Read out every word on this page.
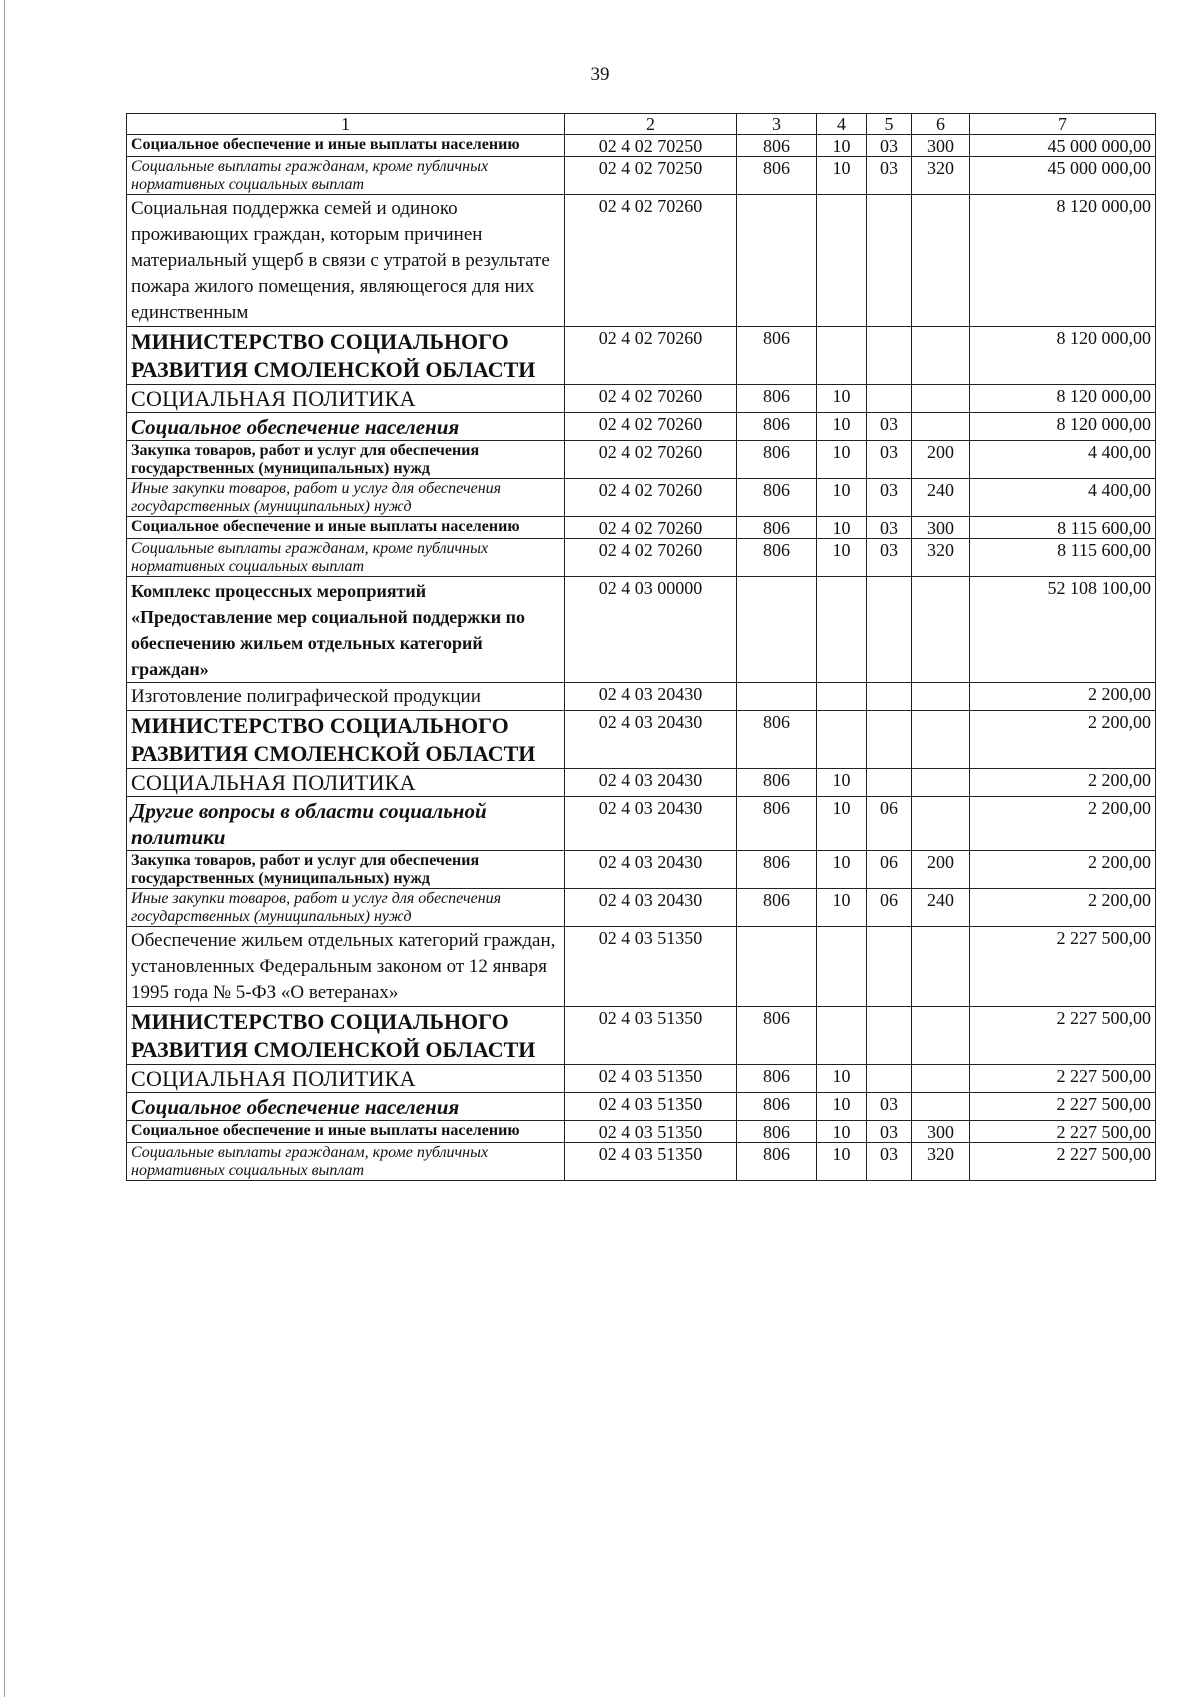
39
1	2	3	4	5	6	7
Социальное обеспечение и иные выплаты населению	02 4 02 70250	806	10	03	300	45 000 000,00
Социальные выплаты гражданам, кроме публичных нормативных социальных выплат	02 4 02 70250	806	10	03	320	45 000 000,00
Социальная поддержка семей и одиноко проживающих граждан, которым причинен материальный ущерб в связи с утратой в результате пожара жилого помещения, являющегося для них единственным	02 4 02 70260					8 120 000,00
МИНИСТЕРСТВО СОЦИАЛЬНОГО РАЗВИТИЯ СМОЛЕНСКОЙ ОБЛАСТИ	02 4 02 70260	806				8 120 000,00
СОЦИАЛЬНАЯ ПОЛИТИКА	02 4 02 70260	806	10			8 120 000,00
Социальное обеспечение населения	02 4 02 70260	806	10	03		8 120 000,00
Закупка товаров, работ и услуг для обеспечения государственных (муниципальных) нужд	02 4 02 70260	806	10	03	200	4 400,00
Иные закупки товаров, работ и услуг для обеспечения государственных (муниципальных) нужд	02 4 02 70260	806	10	03	240	4 400,00
Социальное обеспечение и иные выплаты населению	02 4 02 70260	806	10	03	300	8 115 600,00
Социальные выплаты гражданам, кроме публичных нормативных социальных выплат	02 4 02 70260	806	10	03	320	8 115 600,00
Комплекс процессных мероприятий «Предоставление мер социальной поддержки по обеспечению жильем отдельных категорий граждан»	02 4 03 00000					52 108 100,00
Изготовление полиграфической продукции	02 4 03 20430					2 200,00
МИНИСТЕРСТВО СОЦИАЛЬНОГО РАЗВИТИЯ СМОЛЕНСКОЙ ОБЛАСТИ	02 4 03 20430	806				2 200,00
СОЦИАЛЬНАЯ ПОЛИТИКА	02 4 03 20430	806	10			2 200,00
Другие вопросы в области социальной политики	02 4 03 20430	806	10	06		2 200,00
Закупка товаров, работ и услуг для обеспечения государственных (муниципальных) нужд	02 4 03 20430	806	10	06	200	2 200,00
Иные закупки товаров, работ и услуг для обеспечения государственных (муниципальных) нужд	02 4 03 20430	806	10	06	240	2 200,00
Обеспечение жильем отдельных категорий граждан, установленных Федеральным законом от 12 января 1995 года № 5-ФЗ «О ветеранах»	02 4 03 51350					2 227 500,00
МИНИСТЕРСТВО СОЦИАЛЬНОГО РАЗВИТИЯ СМОЛЕНСКОЙ ОБЛАСТИ	02 4 03 51350	806				2 227 500,00
СОЦИАЛЬНАЯ ПОЛИТИКА	02 4 03 51350	806	10			2 227 500,00
Социальное обеспечение населения	02 4 03 51350	806	10	03		2 227 500,00
Социальное обеспечение и иные выплаты населению	02 4 03 51350	806	10	03	300	2 227 500,00
Социальные выплаты гражданам, кроме публичных нормативных социальных выплат	02 4 03 51350	806	10	03	320	2 227 500,00
